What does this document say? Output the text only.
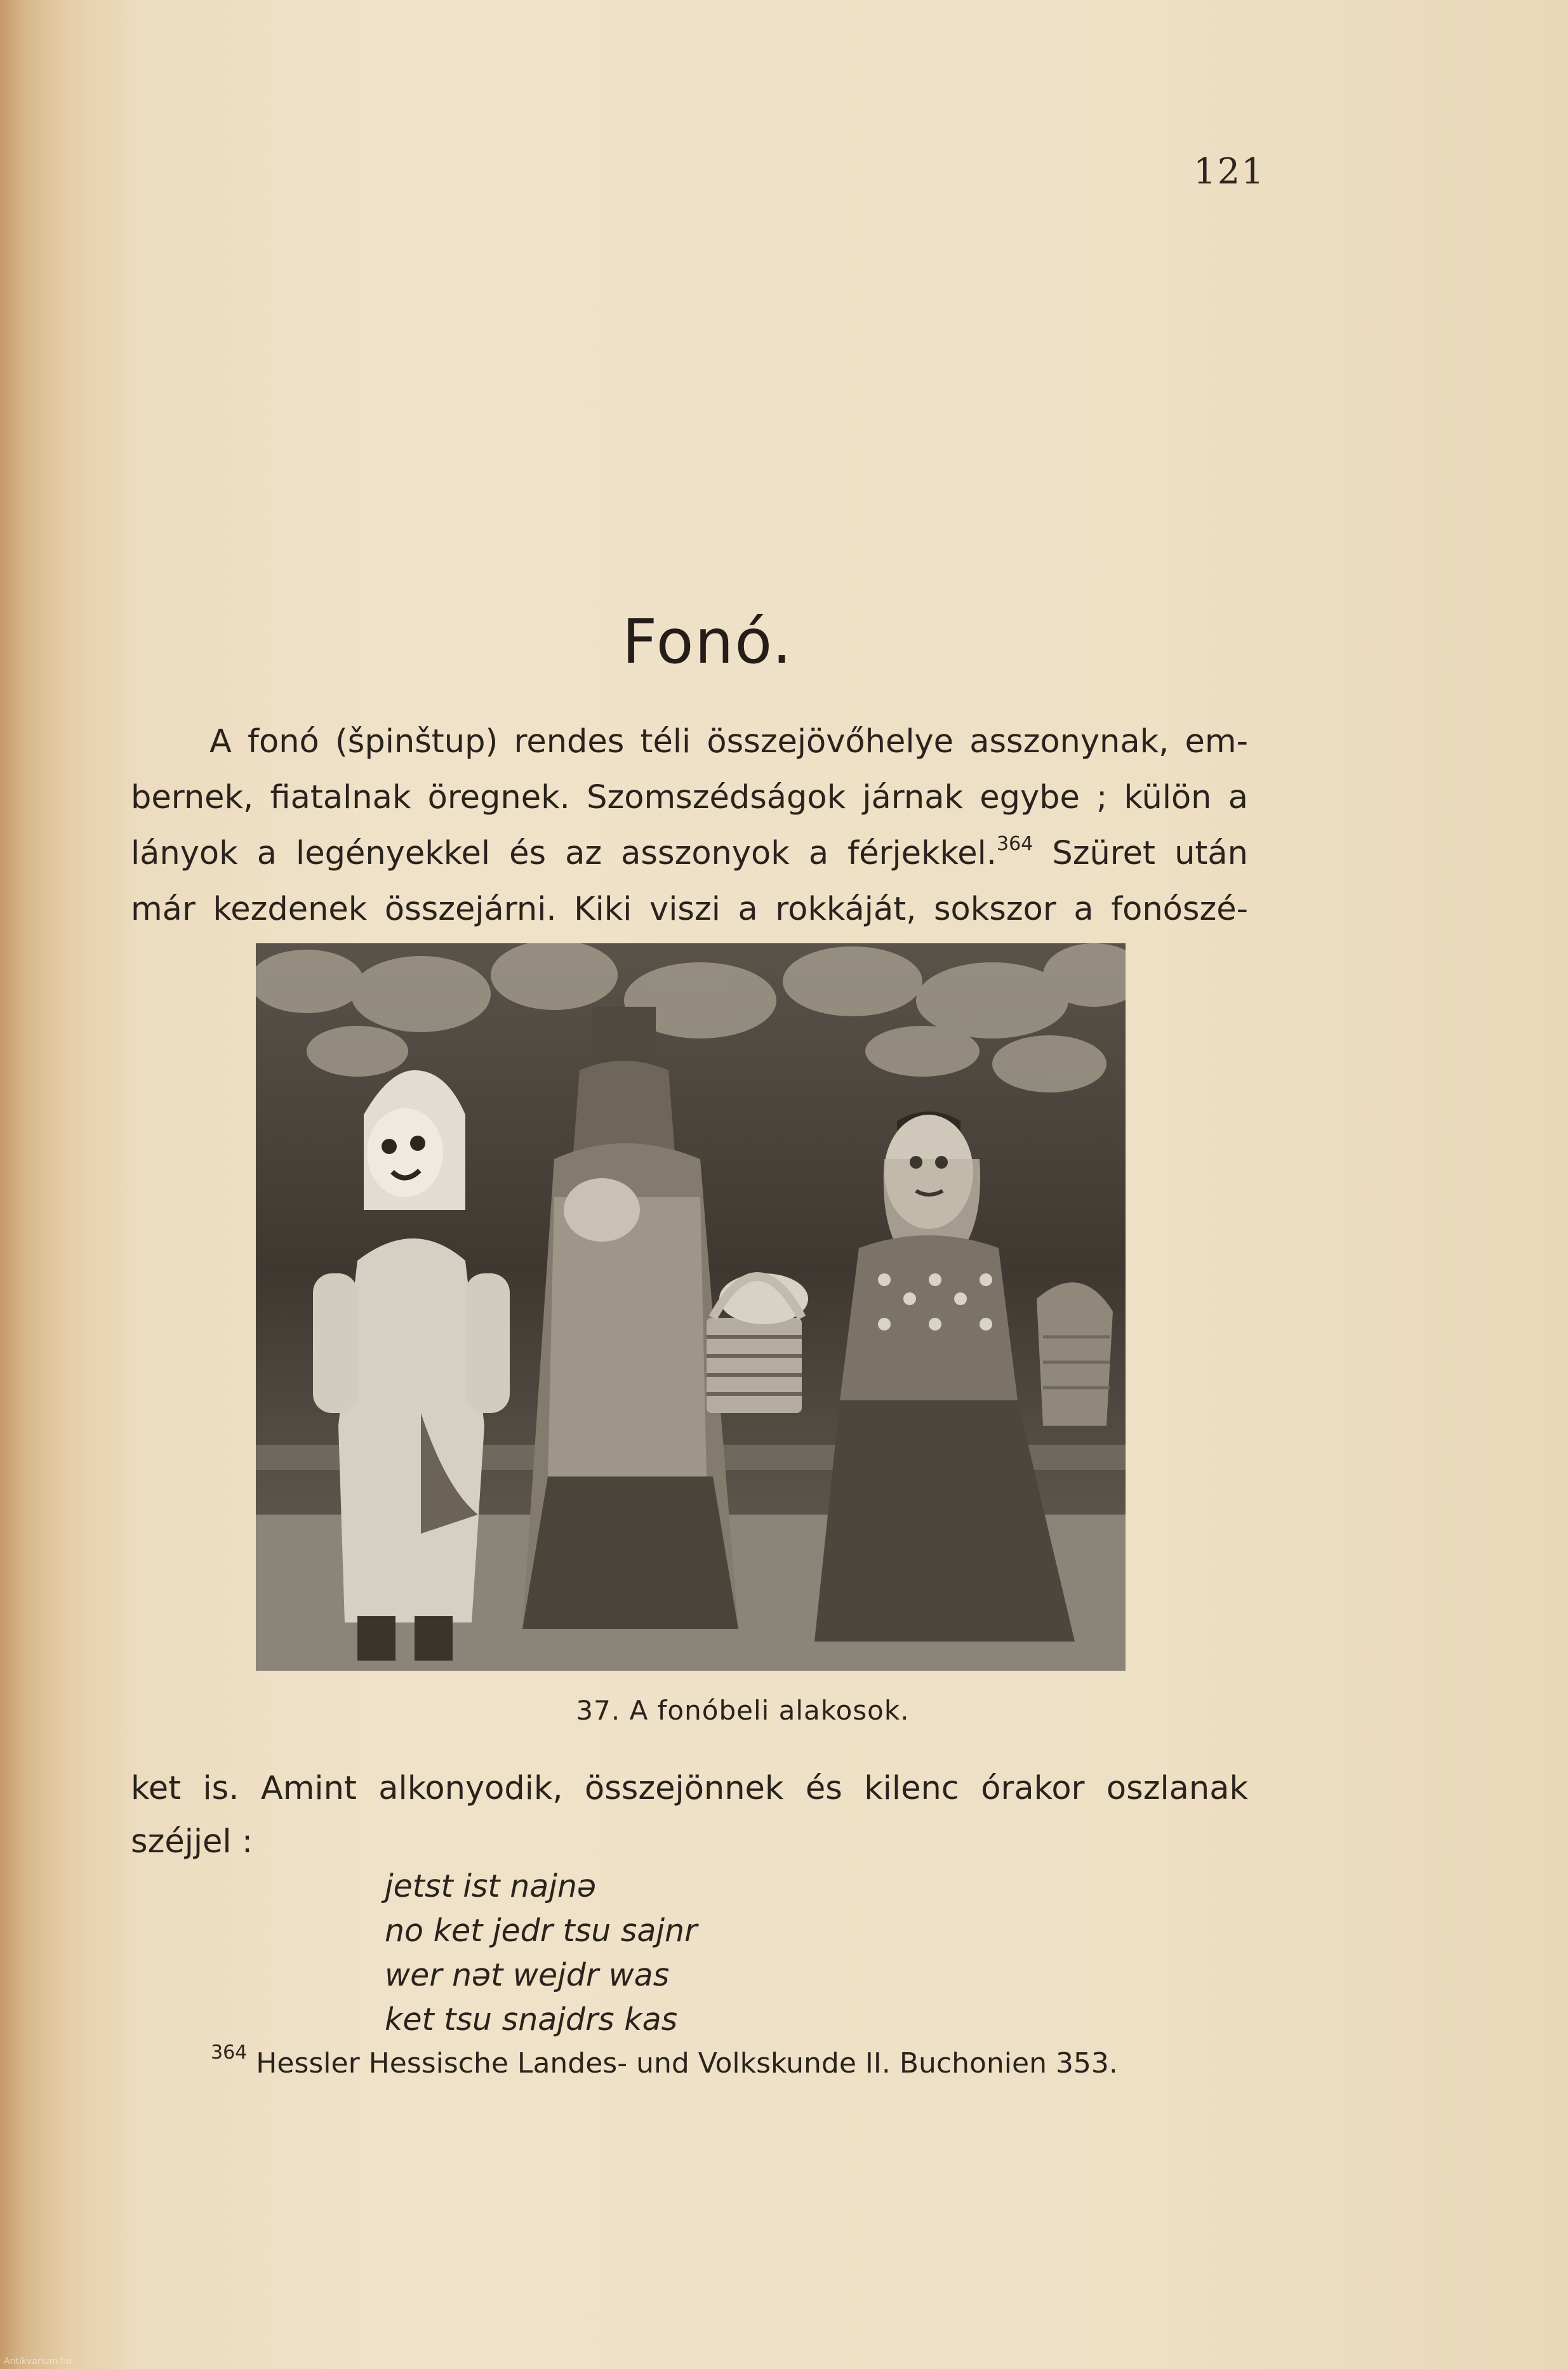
121
Fonó.
A fonó (špinštup) rendes téli összejövőhelye asszonynak, em-
bernek, fiatalnak öregnek. Szomszédságok járnak egybe ; külön a
lányok a legényekkel és az asszonyok a férjekkel.$^{364}$ Szüret után
már kezdenek összejárni. Kiki viszi a rokkáját, sokszor a fonószé-
37. A fonóbeli alakosok.
ket is. Amint alkonyodik, összejönnek és kilenc órakor oszlanak
széjjel :
jetst ist najnə
no ket jedr tsu sajnr
wer nət wejdr was
ket tsu snajdrs kas
$^{364}$ Hessler Hessische Landes- und Volkskunde II. Buchonien 353.
Antikvarium.hu
